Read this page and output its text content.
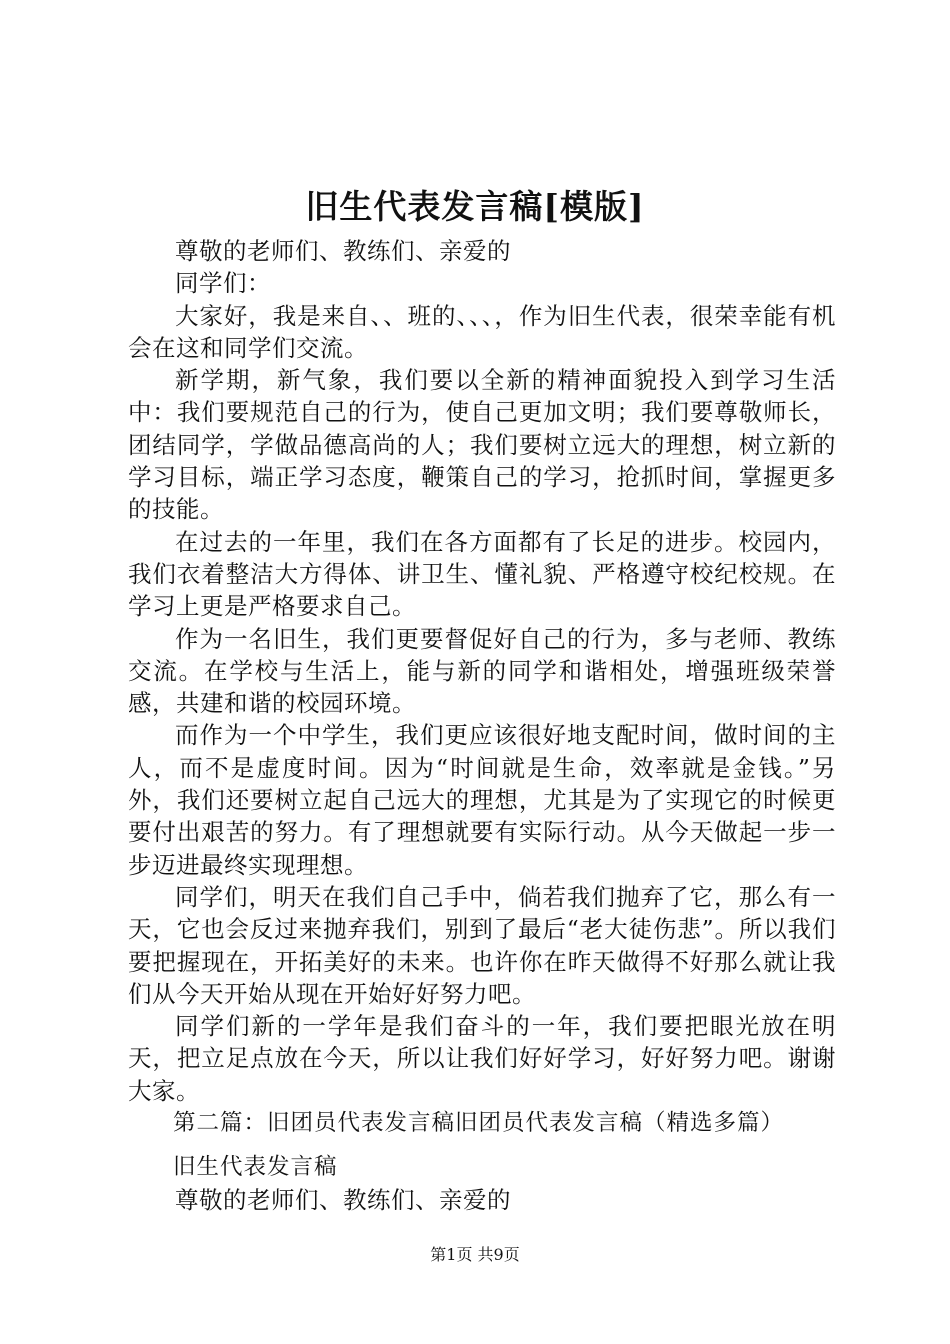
旧生代表发言稿[模版]

尊敬的老师们、教练们、亲爱的

同学们：

大家好，我是来自、、班的、、、，作为旧生代表，很荣幸能有机会在这和同学们交流。

新学期，新气象，我们要以全新的精神面貌投入到学习生活中：我们要规范自己的行为，使自己更加文明；我们要尊敬师长，团结同学，学做品德高尚的人；我们要树立远大的理想，树立新的学习目标，端正学习态度，鞭策自己的学习，抢抓时间，掌握更多的技能。

在过去的一年里，我们在各方面都有了长足的进步。校园内，我们衣着整洁大方得体、讲卫生、懂礼貌、严格遵守校纪校规。在学习上更是严格要求自己。

作为一名旧生，我们更要督促好自己的行为，多与老师、教练交流。在学校与生活上，能与新的同学和谐相处，增强班级荣誉感，共建和谐的校园环境。

而作为一个中学生，我们更应该很好地支配时间，做时间的主人，而不是虚度时间。因为“时间就是生命，效率就是金钱。”另外，我们还要树立起自己远大的理想，尤其是为了实现它的时候更要付出艰苦的努力。有了理想就要有实际行动。从今天做起一步一步迈进最终实现理想。

同学们，明天在我们自己手中，倘若我们抛弃了它，那么有一天，它也会反过来抛弃我们，别到了最后“老大徒伤悲”。所以我们要把握现在，开拓美好的未来。也许你在昨天做得不好那么就让我们从今天开始从现在开始好好努力吧。

同学们新的一学年是我们奋斗的一年，我们要把眼光放在明天，把立足点放在今天，所以让我们好好学习，好好努力吧。谢谢大家。

第二篇：旧团员代表发言稿旧团员代表发言稿（精选多篇）

旧生代表发言稿

尊敬的老师们、教练们、亲爱的

第1页 共9页
